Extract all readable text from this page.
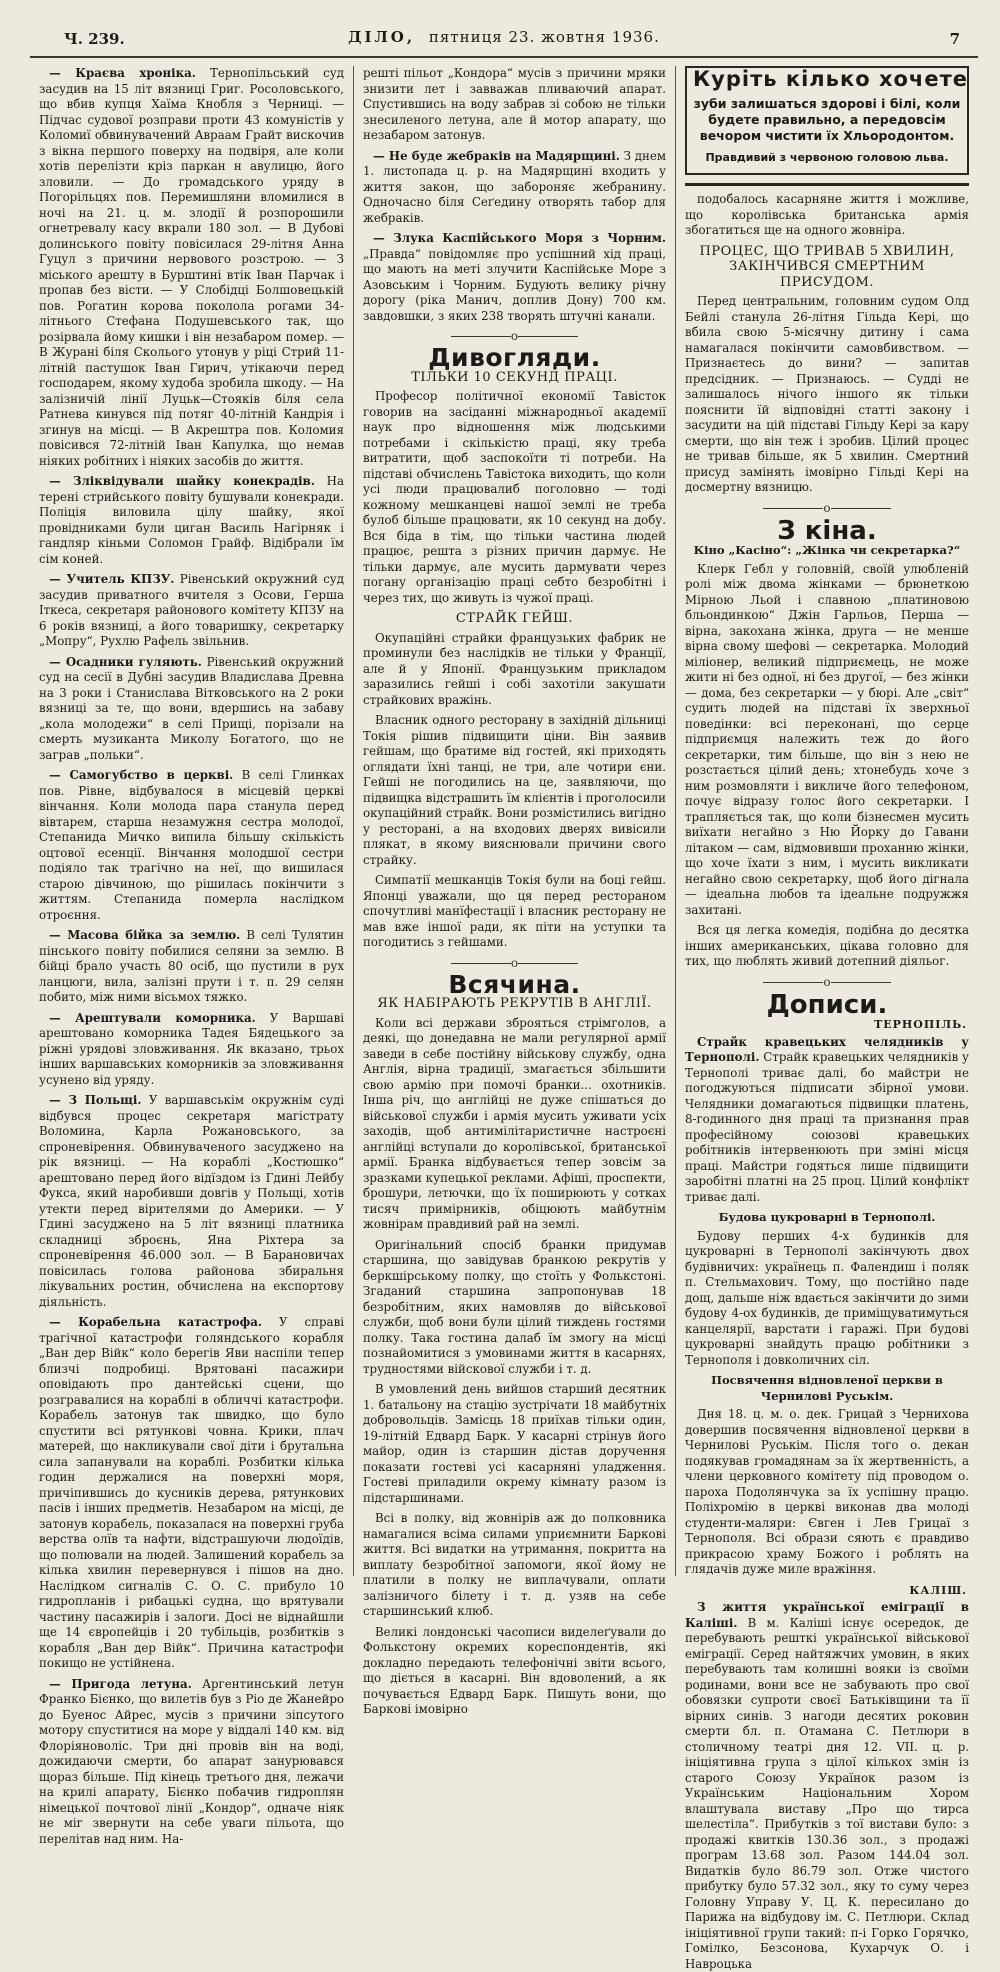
Ч. 239.	ДІЛО, пятниця 23. жовтня 1936.	7

— Краєва хроніка. Тернопільський суд засудив на 15 літ вязниці Григ. Росоловського, що вбив купця Хаїма Кнобля з Черниці. — Підчас судової розправи проти 43 комуністів у Коломиї обвинувачений Авраам Грайт вискочив з вікна першого поверху на подвіря, але коли хотів перелізти кріз паркан н авулицю, його зловили. — До громадського уряду в Погорільцях пов. Перемишляни вломилися в ночі на 21. ц. м. злодії й розпорошили огнетревалу касу вкрали 180 зол. — В Дубові долинського повіту повісилася 29-літня Анна Гуцул з причини нервового розстрою. — З міського арешту в Бурштині втік Іван Парчак і пропав без вісти. — У Слобідці Болшовецькій пов. Рогатин корова поколола рогами 34-літнього Стефана Подушевського так, що розірвала йому кишки і він незабаром помер. — В Журані біля Сколього утонув у ріці Стрий 11-літній пастушок Іван Гирич, утікаючи перед господарем, якому худоба зробила шкоду. — На залізничій лінії Луцьк—Стояків біля села Ратнева кинувся під потяг 40-літній Кандрія і згинув на місці. — В Акрештра пов. Коломия повісився 72-літній Іван Капулка, що немав ніяких робітних і ніяких засобів до життя.

— Зліквідували шайку конекрадів. На терені стрийського повіту бушували конекради. Поліція виловила цілу шайку, якої провідниками були циган Василь Нагірняк і гандляр кіньми Соломон Грайф. Відібрали їм сім коней.

— Учитель КПЗУ. Рівенський окружний суд засудив приватного вчителя з Осови, Герша Іткеса, секретаря районового комітету КПЗУ на 6 років вязниці, а його товаришку, секретарку „Мопру“, Рухлю Рафель звільнив.

— Осадники гуляють. Рівенський окружний суд на сесії в Дубні засудив Владислава Древна на 3 роки і Станислава Вітковського на 2 роки вязниці за те, що вони, вдершись на забаву „кола молодежи“ в селі Прищі, порізали на смерть музиканта Миколу Богатого, що не заграв „польки“.

— Самогубство в церкві. В селі Глинках пов. Рівне, відбувалося в місцевій церкві вінчання. Коли молода пара станула перед вівтарем, старша незамужня сестра молодої, Степанида Мичко випила більшу скількість оцтової есенції. Вінчання молодшої сестри подіяло так трагічно на неї, що вишилася старою дівчиною, що рішилась покінчити з життям. Степанида померла наслідком отроєння.

— Масова бійка за землю. В селі Тулятин пінського повіту побилися селяни за землю. В бійці брало участь 80 осіб, що пустили в рух ланцюги, вила, залізні прути і т. п. 29 селян побито, між ними вісьмох тяжко.

— Арештували коморника. У Варшаві арештовано коморника Тадея Бядецького за ріжні урядові зловживання. Як вказано, трьох інших варшавських коморників за зловживання усунено від уряду.

— З Польщі. У варшавськім окружнім суді відбувся процес секретаря магістрату Воломина, Карла Рожановського, за спроневірення. Обвинуваченого засуджено на рік вязниці. — На кораблі „Костюшко“ арештовано перед його відїздом із Гдині Лейбу Фукса, який наробивши довгів у Польщі, хотів утекти перед вірителями до Америки. — У Гдині засуджено на 5 літ вязниці платника складниці зброєнь, Яна Ріхтера за спроневірення 46.000 зол. — В Барановичах повісилась голова районова збиральня лікувальних ростин, обчислена на експортову діяльність.

— Корабельна катастрофа. У справі трагічної катастрофи голяндського корабля „Ван дер Війк“ коло берегів Яви наспіли тепер близчі подробиці. Врятовані пасажири оповідають про дантейські сцени, що розгравалися на кораблі в обличчі катастрофи. Корабель затонув так швидко, що було спустити всі рятункові човна. Крики, плач матерей, що накликували свої діти і брутальна сила запанували на кораблі. Розбитки кілька годин держалися на поверхні моря, причіпившись до кусників дерева, рятункових пасів і інших предметів. Незабаром на місці, де затонув корабель, показалася на поверхні груба верства олїв та нафти, відстрашуючи людоїдів, що полювали на людей. Залишений корабель за кілька хвилин перевернувся і пішов на дно. Наслідком сигналів С. О. С. прибуло 10 гидропланів і рибацькі судна, що врятували частину пасажирів і залоги. Досі не віднайшли ще 14 європейців і 20 тубільців, розбитків з корабля „Ван дер Війк“. Причина катастрофи покищо не устійнена.

— Пригода летуна. Аргентинський летун Франко Бієнко, що вилетів був з Ріо де Жанейро до Буенос Айрес, мусів з причини зіпсутого мотору спуститися на море у віддалі 140 км. від Флоріяноволіс. Три дні провів він на воді, дожидаючи смерти, бо апарат занурювався щораз більше. Під кінець третього дня, лежачи на крилі апарату, Бієнко побачив гидроплян німецької почтової лінії „Кондор“, одначе ніяк не міг звернути на себе уваги пільота, що перелітав над ним. На-

решті пільот „Кондора“ мусів з причини мряки знизити лет і завважав пливаючий апарат. Спустившись на воду забрав зі собою не тільки знесиленого летуна, але й мотор апарату, що незабаром затонув.

— Не буде жебраків на Мадярщині. З днем 1. листопада ц. р. на Мадярщині входить у життя закон, що забороняє жебранину. Одночасно біля Сеґедину отворять табор для жебраків.

— Злука Каспійського Моря з Чорним. „Правда“ повідомляє про успішний хід праці, що мають на меті злучити Каспійське Море з Азовським і Чорним. Будують велику річну дорогу (ріка Манич, доплив Дону) 700 км. завдовшки, з яких 238 творять штучні канали.

о
Дивогляди.
ТІЛЬКИ 10 СЕКУНД ПРАЦІ.

Професор політичної економії Тавісток говорив на засіданні міжнародньої академії наук про відношення між людськими потребами і скількістю праці, яку треба витратити, щоб заспокоїти ті потреби. На підставі обчислень Тавістока виходить, що коли усі люди працювалиб поголовно — тоді кожному мешканцеві нашої землі не треба булоб більше працювати, як 10 секунд на добу. Вся біда в тім, що тільки частина людей працює, решта з різних причин дармує. Не тільки дармує, але мусить дармувати через погану організацію праці себто безробітні і через тих, що живуть із чужої праці.

СТРАЙК ГЕЙШ.

Окупаційні страйки французьких фабрик не проминули без наслідків не тільки у Франції, але й у Японії. Французьким прикладом заразились гейші і собі захотіли закушати страйкових вражінь.

Власник одного ресторану в західній дільниці Токія рішив підвищити ціни. Він заявив гейшам, що братиме від гостей, які приходять оглядати їхні танці, не три, але чотири єни. Гейші не погодились на це, заявляючи, що підвищка відстрашить їм клієнтів і проголосили окупаційний страйк. Вони розмістились вигідно у ресторані, а на входових дверях вивісили плякат, в якому вияснювали причини свого страйку.

Симпатії мешканців Токія були на боці гейш. Японці уважали, що ця перед рестораном спочутливі манїфестації і власник ресторану не мав вже іншої ради, як піти на уступки та погодитись з гейшами.

о
Всячина.
ЯК НАБІРАЮТЬ РЕКРУТІВ В АНГЛІЇ.

Коли всі держави зброяться стрімголов, а деякі, що донедавна не мали регулярної армії заведи в себе постійну військову службу, одна Англія, вірна традиції, змагається збільшити свою армію при помочі бранки... охотників. Інша річ, що англійці не дуже спішаться до військової служби і армія мусить уживати усіх заходів, щоб антимілітаристичне настроєні англійці вступали до королівської, британської армії. Бранка відбувається тепер зовсім за зразками купецької реклами. Афіші, проспекти, брошури, летючки, що їх поширюють у сотках тисяч примірників, обіцюють майбутнім жовнірам правдивий рай на землі.

Оригінальний спосіб бранки придумав старшина, що завідував бранкою рекрутів у беркшірському полку, що стоїть у Фолькстоні. Згаданий старшина запропонував 18 безробітним, яких намовляв до військової служби, щоб вони були цілий тиждень гостями полку. Така гостина далаб їм змогу на місці познайомитися з умовинами життя в касарнях, трудностями війскової служби і т. д.

В умовлений день вийшов старший десятник 1. батальону на стацію зустрічати 18 майбутніх добровольців. Замісць 18 приїхав тільки один, 19-літній Едвард Барк. У касарні стрінув його майор, один із старшин дістав доручення показати гостеві усі касарняні уладження. Гостеві приладили окрему кімнату разом із підстаршинами.

Всі в полку, від жовнірів аж до полковника намагалися всіма силами уприємнити Баркові життя. Всі видатки на утримання, покритта на виплату безробітної запомоги, якої йому не платили в полку не виплачували, оплати залізничого білету і т. д. узяв на себе старшинський клюб.

Великі лондонські часописи виделеґували до Фолькстону окремих кореспондентів, які докладно передають телефонічні звіти всього, що діється в касарні. Він вдоволений, а як почувається Едвард Барк. Пишуть вони, що Баркові імовірно

Куріть кілько хочете
зуби залишаться здорові і білі, коли будете правильно, а передовсім вечором чистити їх Хльородонтом.
Правдивий з червоною головою льва.

подобалось касарняне життя і можливе, що королівська британська армія збогатиться ще на одного жовніра.

ПРОЦЕС, ЩО ТРИВАВ 5 ХВИЛИН, ЗАКІНЧИВСЯ СМЕРТНИМ ПРИСУДОМ.

Перед центральним, головним судом Олд Бейлі станула 26-літня Гільда Кері, що вбила свою 5-місячну дитину і сама намагалася покінчити самовбивством. — Признаєтесь до вини? — запитав предсідник. — Признаюсь. — Судді не залишалось нічого іншого як тільки пояснити їй відповідні статті закону і засудити на цій підставі Гільду Кері за кару смерти, що він теж і зробив. Цілий процес не тривав більше, як 5 хвилин. Смертний присуд замінять імовірно Гільді Кері на досмертну вязницю.

о
З кіна.
Кіно „Касіно“: „Жінка чи секретарка?“

Клерк Гебл у головній, своїй улюбленій ролі між двома жінками — брюнеткою Мірною Льой і славною „платиновою бльондинкою“ Джін Гарльов, Перша — вірна, закохана жінка, друга — не менше вірна свому шефові — секретарка. Молодий міліонер, великий підприємець, не може жити ні без одної, ні без другої, — без жінки — дома, без секретарки — у бюрі. Але „світ“ судить людей на підставі їх зверхньої поведінки: всі переконані, що серце підприємця належить теж до його секретарки, тим більше, що він з нею не розстається цілий день; хтонебудь хоче з ним розмовляти і викличе його телефоном, почує відразу голос його секретарки. І трапляється так, що коли бізнесмен мусить виїхати негайно з Ню Йорку до Гавани літаком — сам, відмовивши проханню жінки, що хоче їхати з ним, і мусить викликати негайно свою секретарку, щоб його дігнала — ідеальна любов та ідеальне подружжя захитані.

Вся ця легка комедія, подібна до десятка інших американських, цікава головно для тих, що люблять живий дотепний діяльог.

о
Дописи.
ТЕРНОПІЛЬ.

Страйк кравецьких челядників у Тернополі. Страйк кравецьких челядників у Тернополі триває далі, бо майстри не погоджуються підписати збірної умови. Челядники домагаються підвищки платень, 8-годинного дня праці та признання прав професійному союзові кравецьких робітників інтервенюють при зміні місця праці. Майстри годяться лише підвищити заробітні платні на 25 проц. Цілий конфлікт триває далі.

Будова цукроварні в Тернополі.

Будову перших 4-х будинків для цукроварні в Тернополі закінчують двох будівничих: українець п. Фалендиш і поляк п. Стельмахович. Тому, що постійно паде дощ, дальше ніж вдається закінчити до зими будову 4-ох будинків, де приміщуватимуться канцелярії, варстати і гаражі. При будові цукроварні знайдуть працю робітники з Тернополя і довколичних сіл.

Посвячення відновленої церкви в Чернилові Руськім.

Дня 18. ц. м. о. дек. Грицай з Чернихова довершив посвячення відновленої церкви в Чернилові Руськім. Після того о. декан подякував громадянам за їх жертвенність, а члени церковного комітету під проводом о. пароха Подолянчука за їх успішну працю. Поліхромію в церкві виконав два молоді студенти-маляри: Євген і Лев Грицаї з Тернополя. Всі образи сяють є правдиво прикрасою храму Божого і роблять на глядачів дуже миле вражіння.

КАЛІШ.

З життя української еміграції в Каліші. В м. Каліші існує осередок, де перебувають решткі української військової еміграції. Серед найтяжчих умовин, в яких перебувають там колишні вояки із своїми родинами, вони все не забувають про свої обовязки супроти своєї Батьківщини та її вірних синів. З нагоди десятих роковин смерти бл. п. Отамана С. Петлюри в столичному театрі дня 12. VII. ц. р. ініціятивна група з цілої кількох змін із старого Союзу Українок разом із Українським Національним Хором влаштувала виставу „Про що тирса шелестіла“. Прибутків з тої вистави було: з продажі квитків 130.36 зол., з продажі програм 13.68 зол. Разом 144.04 зол. Видатків було 86.79 зол. Отже чистого прибутку було 57.32 зол., яку то суму через Головну Управу У. Ц. К. пересилано до Парижа на відбудову ім. С. Петлюри. Склад ініціятивної групи такий: п-і Горко Горячко, Гомілко, Безсонова, Кухарчук О. і Навроцька
